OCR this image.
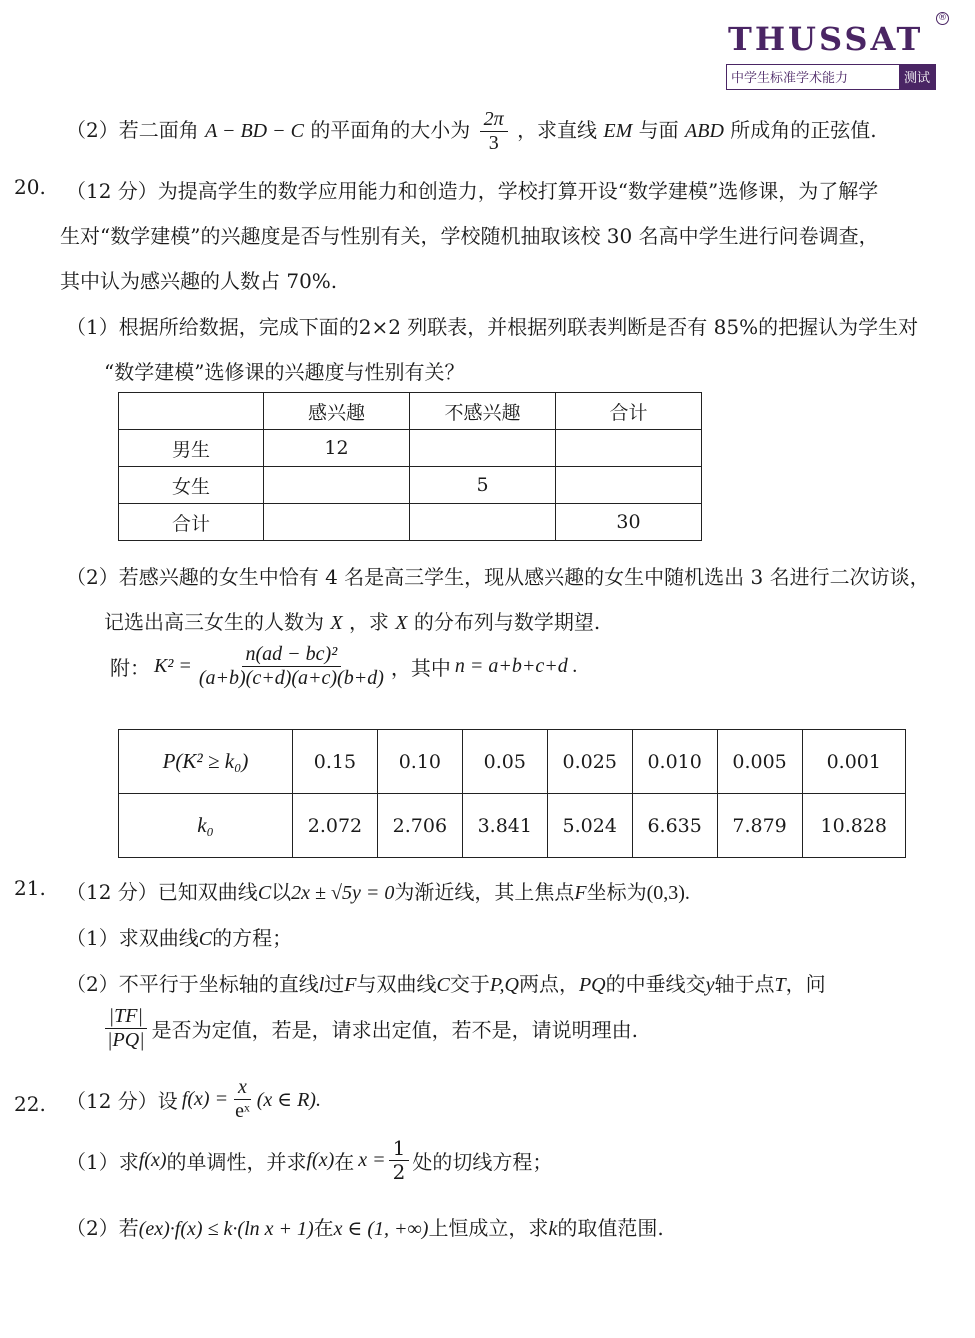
THUSSAT
®
中学生标准学术能力	测试
（2）若二面角 A − BD − C 的平面角的大小为 $\frac{2\pi}{3}$ ，求直线 EM 与面 ABD 所成角的正弦值.
20. （12 分）为提高学生的数学应用能力和创造力，学校打算开设“数学建模”选修课，为了解学
生对“数学建模”的兴趣度是否与性别有关，学校随机抽取该校 30 名高中学生进行问卷调查，
其中认为感兴趣的人数占 70%.
（1）根据所给数据，完成下面的2×2 列联表，并根据列联表判断是否有 85%的把握认为学生对
“数学建模”选修课的兴趣度与性别有关？
	感兴趣	不感兴趣	合计
男生	12		
女生		5	
合计			30
（2）若感兴趣的女生中恰有 4 名是高三学生，现从感兴趣的女生中随机选出 3 名进行二次访谈，
记选出高三女生的人数为 X ，求 X 的分布列与数学期望.
附： $K^2 = \frac{\text{n(ad − bc)²}}{(a+b)(c+d)(a+c)(b+d)}$ ，其中 n = a+b+c+d .
P(K² ≥ k₀)	0.15	0.10	0.05	0.025	0.010	0.005	0.001
k₀	2.072	2.706	3.841	5.024	6.635	7.879	10.828
21. （12 分）已知双曲线C以2x ± √5y = 0为渐近线，其上焦点F坐标为(0,3).
（1）求双曲线C的方程；
（2）不平行于坐标轴的直线l过F与双曲线C交于P,Q两点，PQ的中垂线交y轴于点T，问
$\frac{|TF|}{|PQ|}$ 是否为定值，若是，请求出定值，若不是，请说明理由.
22. （12 分）设 $f(x) = \frac{x}{\text{eˣ}} (x$ ∈ R).
（1）求 f(x) 的单调性，并求 f(x) 在 $x = \frac{1}{2}$ 处的切线方程；
（2）若(ex)·f(x) ≤ k·(ln x + 1)在x ∈ (1, +∞)上恒成立，求k的取值范围.
